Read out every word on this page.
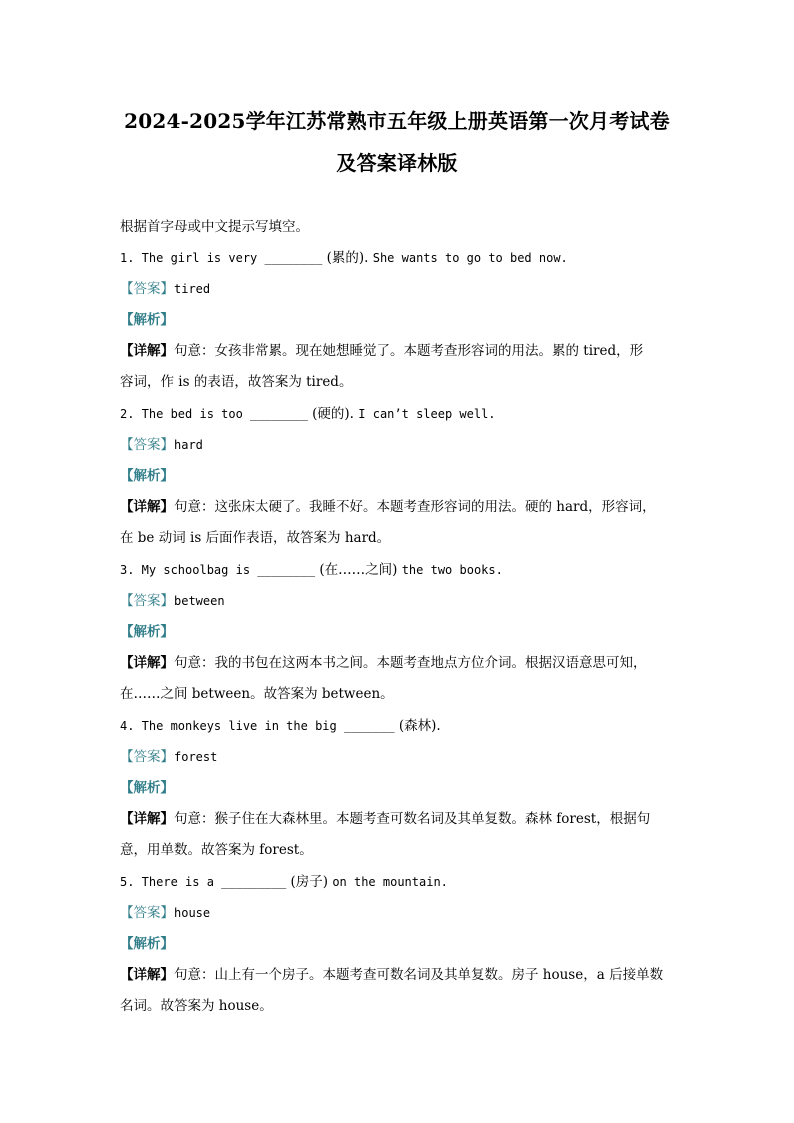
2024-2025学年江苏常熟市五年级上册英语第一次月考试卷
及答案译林版
根据首字母或中文提示写填空。
1. The girl is very ________ (累的). She wants to go to bed now.
【答案】tired
【解析】
【详解】句意：女孩非常累。现在她想睡觉了。本题考查形容词的用法。累的 tired，形
容词，作 is 的表语，故答案为 tired。
2. The bed is too ________ (硬的). I can’t sleep well.
【答案】hard
【解析】
【详解】句意：这张床太硬了。我睡不好。本题考查形容词的用法。硬的 hard，形容词，
在 be 动词 is 后面作表语，故答案为 hard。
3. My schoolbag is ________ (在……之间) the two books.
【答案】between
【解析】
【详解】句意：我的书包在这两本书之间。本题考查地点方位介词。根据汉语意思可知，
在……之间 between。故答案为 between。
4. The monkeys live in the big _______ (森林).
【答案】forest
【解析】
【详解】句意：猴子住在大森林里。本题考查可数名词及其单复数。森林 forest，根据句
意，用单数。故答案为 forest。
5. There is a _________ (房子) on the mountain.
【答案】house
【解析】
【详解】句意：山上有一个房子。本题考查可数名词及其单复数。房子 house，a 后接单数
名词。故答案为 house。
